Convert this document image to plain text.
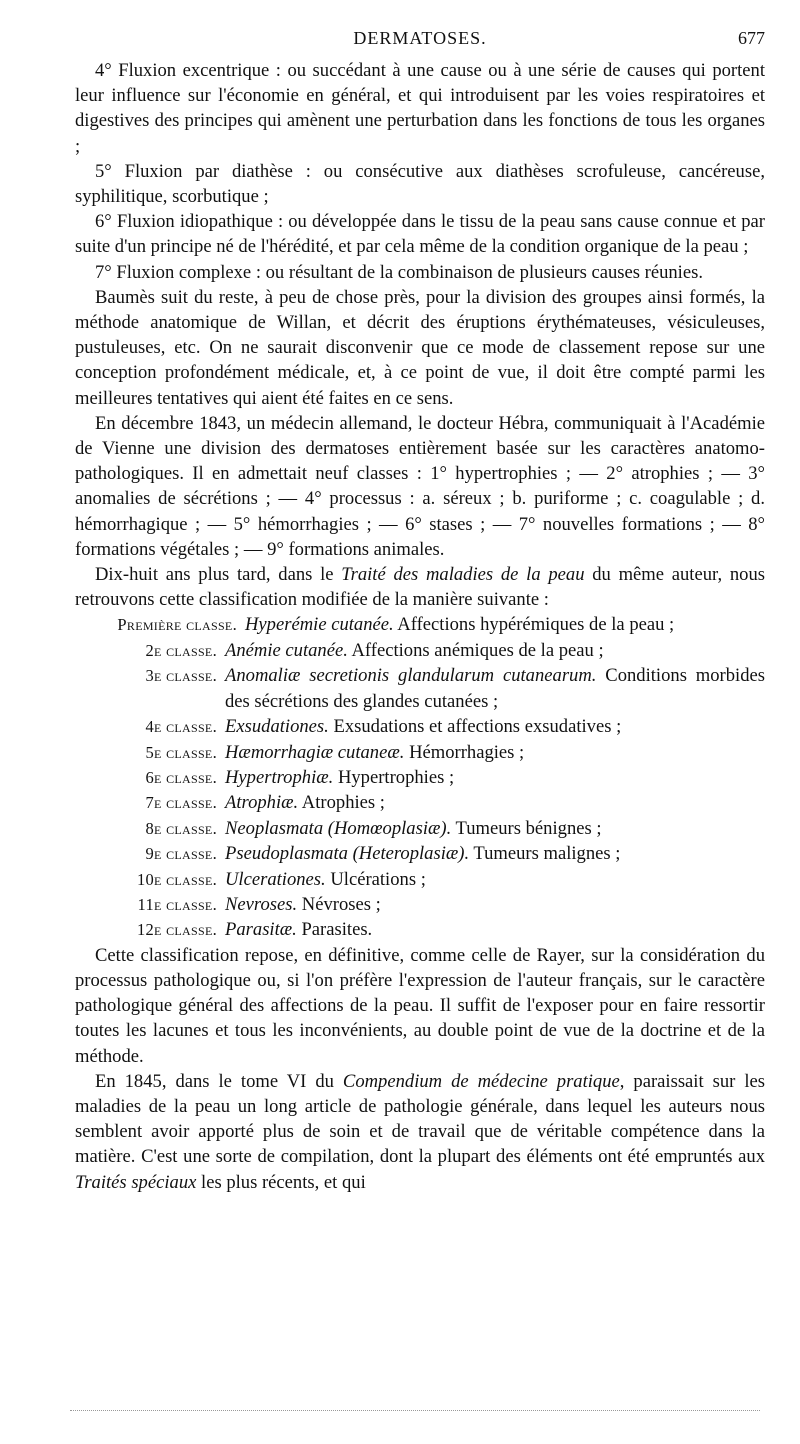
DERMATOSES.	677

4° Fluxion excentrique : ou succédant à une cause ou à une série de causes qui portent leur influence sur l'économie en général, et qui introduisent par les voies respiratoires et digestives des principes qui amènent une perturbation dans les fonctions de tous les organes ;

5° Fluxion par diathèse : ou consécutive aux diathèses scrofuleuse, cancéreuse, syphilitique, scorbutique ;

6° Fluxion idiopathique : ou développée dans le tissu de la peau sans cause connue et par suite d'un principe né de l'hérédité, et par cela même de la condition organique de la peau ;

7° Fluxion complexe : ou résultant de la combinaison de plusieurs causes réunies.

Baumès suit du reste, à peu de chose près, pour la division des groupes ainsi formés, la méthode anatomique de Willan, et décrit des éruptions érythémateuses, vésiculeuses, pustuleuses, etc. On ne saurait disconvenir que ce mode de classement repose sur une conception profondément médicale, et, à ce point de vue, il doit être compté parmi les meilleures tentatives qui aient été faites en ce sens.

En décembre 1843, un médecin allemand, le docteur Hébra, communiquait à l'Académie de Vienne une division des dermatoses entièrement basée sur les caractères anatomo-pathologiques. Il en admettait neuf classes : 1° hypertrophies ; — 2° atrophies ; — 3° anomalies de sécrétions ; — 4° processus : a. séreux ; b. puriforme ; c. coagulable ; d. hémorrhagique ; — 5° hémorrhagies ; — 6° stases ; — 7° nouvelles formations ; — 8° formations végétales ; — 9° formations animales.

Dix-huit ans plus tard, dans le Traité des maladies de la peau du même auteur, nous retrouvons cette classification modifiée de la manière suivante :

Première classe. Hyperémie cutanée. Affections hypérémiques de la peau ;
2e classe. Anémie cutanée. Affections anémiques de la peau ;
3e classe. Anomaliæ secretionis glandularum cutanearum. Conditions morbides des sécrétions des glandes cutanées ;
4e classe. Exsudationes. Exsudations et affections exsudatives ;
5e classe. Hæmorrhagiæ cutaneæ. Hémorrhagies ;
6e classe. Hypertrophiæ. Hypertrophies ;
7e classe. Atrophiæ. Atrophies ;
8e classe. Neoplasmata (Homœoplasiæ). Tumeurs bénignes ;
9e classe. Pseudoplasmata (Heteroplasiæ). Tumeurs malignes ;
10e classe. Ulcerationes. Ulcérations ;
11e classe. Nevroses. Névroses ;
12e classe. Parasitæ. Parasites.

Cette classification repose, en définitive, comme celle de Rayer, sur la considération du processus pathologique ou, si l'on préfère l'expression de l'auteur français, sur le caractère pathologique général des affections de la peau. Il suffit de l'exposer pour en faire ressortir toutes les lacunes et tous les inconvénients, au double point de vue de la doctrine et de la méthode.

En 1845, dans le tome VI du Compendium de médecine pratique, paraissait sur les maladies de la peau un long article de pathologie générale, dans lequel les auteurs nous semblent avoir apporté plus de soin et de travail que de véritable compétence dans la matière. C'est une sorte de compilation, dont la plupart des éléments ont été empruntés aux Traités spéciaux les plus récents, et qui
